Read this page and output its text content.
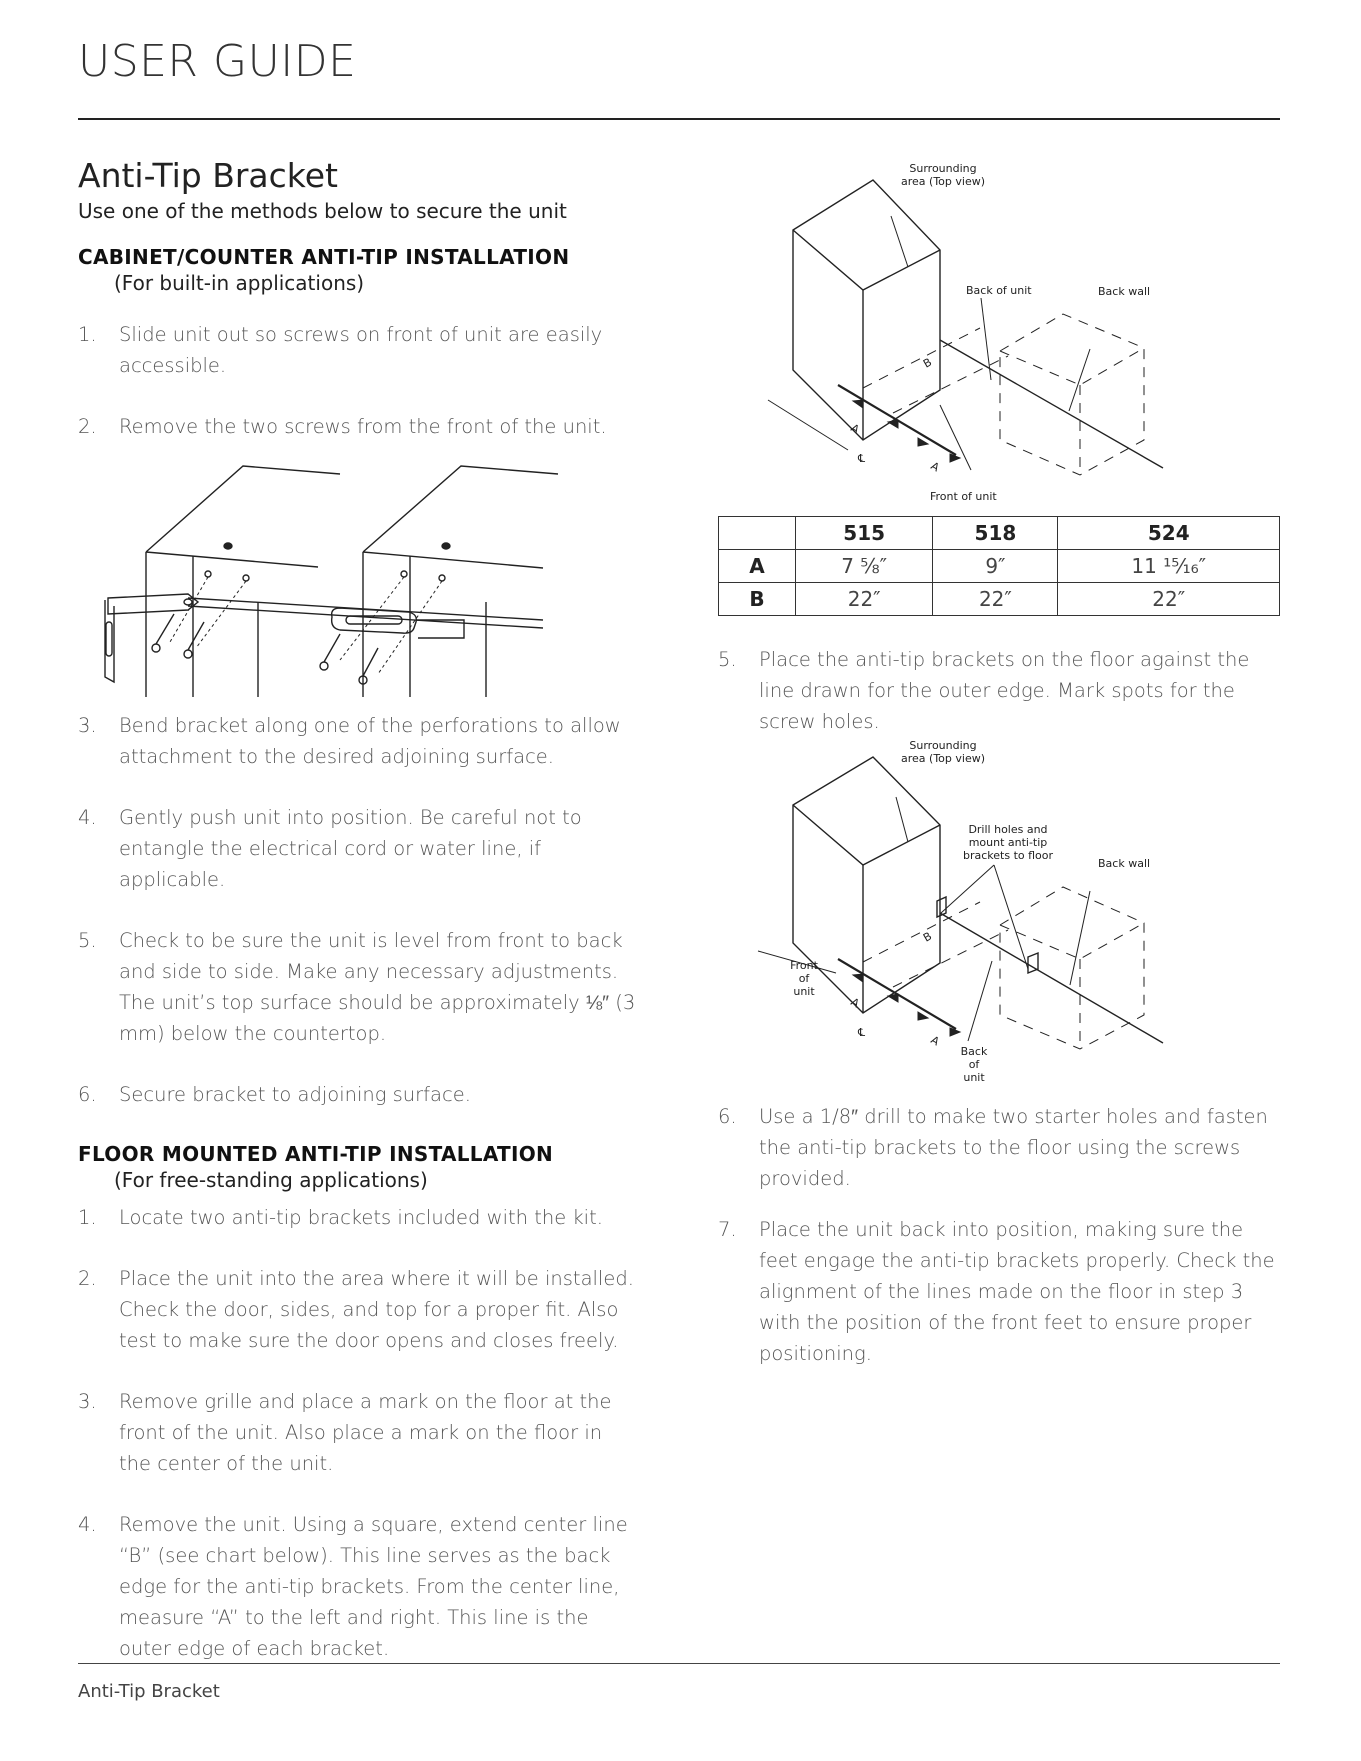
USER GUIDE
Anti-Tip Bracket

Use one of the methods below to secure the unit

CABINET/COUNTER ANTI-TIP INSTALLATION

(For built-in applications)

1. Slide unit out so screws on front of unit are easily accessible.
2. Remove the two screws from the front of the unit.
3. Bend bracket along one of the perforations to allow attachment to the desired adjoining surface.
4. Gently push unit into position. Be careful not to entangle the electrical cord or water line, if applicable.
5. Check to be sure the unit is level from front to back and side to side. Make any necessary adjustments. The unit’s top surface should be approximately ⅛″ (3 mm) below the countertop.
6. Secure bracket to adjoining surface.

FLOOR MOUNTED ANTI-TIP INSTALLATION

(For free-standing applications)

1. Locate two anti-tip brackets included with the kit.
2. Place the unit into the area where it will be installed. Check the door, sides, and top for a proper fit. Also test to make sure the door opens and closes freely.
3. Remove grille and place a mark on the floor at the front of the unit. Also place a mark on the floor in the center of the unit.
4. Remove the unit. Using a square, extend center line “B” (see chart below). This line serves as the back edge for the anti-tip brackets. From the center line, measure “A” to the left and right. This line is the outer edge of each bracket.
Surrounding
area (Top view)
Back of unit	Back wall
Front of unit
B
A
A
℄
	515	518	524
A	7 ⅝″	9″	11 ¹⁵⁄₁₆″
B	22″	22″	22″
5. Place the anti-tip brackets on the floor against the line drawn for the outer edge. Mark spots for the screw holes.
Surrounding
area (Top view)
Drill holes and
mount anti-tip
brackets to floor
Back wall
Front
of
unit
Back
of
unit
B
A
A
℄
6. Use a 1/8″ drill to make two starter holes and fasten the anti-tip brackets to the floor using the screws provided.
7. Place the unit back into position, making sure the feet engage the anti-tip brackets properly. Check the alignment of the lines made on the floor in step 3 with the position of the front feet to ensure proper positioning.
Anti-Tip Bracket
